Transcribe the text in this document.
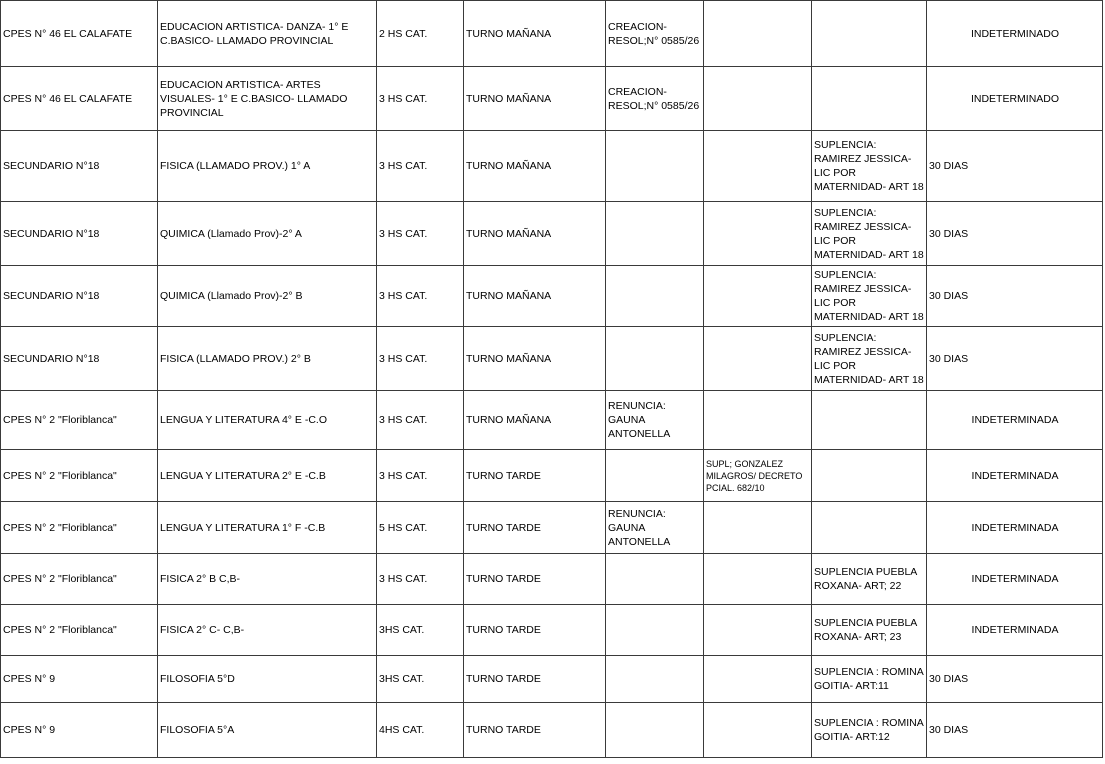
CPES N° 46 EL CALAFATE	EDUCACION ARTISTICA- DANZA- 1° E C.BASICO- LLAMADO PROVINCIAL	2 HS CAT.	TURNO MAÑANA	CREACION- RESOL;N° 0585/26			INDETERMINADO
CPES N° 46 EL CALAFATE	EDUCACION ARTISTICA- ARTES VISUALES- 1° E C.BASICO- LLAMADO PROVINCIAL	3 HS CAT.	TURNO MAÑANA	CREACION- RESOL;N° 0585/26			INDETERMINADO
SECUNDARIO N°18	FISICA (LLAMADO PROV.) 1° A	3 HS CAT.	TURNO MAÑANA			SUPLENCIA: RAMIREZ JESSICA- LIC POR MATERNIDAD- ART 18	30 DIAS
SECUNDARIO N°18	QUIMICA (Llamado Prov)-2° A	3 HS CAT.	TURNO MAÑANA			SUPLENCIA: RAMIREZ JESSICA- LIC POR MATERNIDAD- ART 18	30 DIAS
SECUNDARIO N°18	QUIMICA (Llamado Prov)-2° B	3 HS CAT.	TURNO MAÑANA			SUPLENCIA: RAMIREZ JESSICA- LIC POR MATERNIDAD- ART 18	30 DIAS
SECUNDARIO N°18	FISICA (LLAMADO PROV.) 2° B	3 HS CAT.	TURNO MAÑANA			SUPLENCIA: RAMIREZ JESSICA- LIC POR MATERNIDAD- ART 18	30 DIAS
CPES N° 2 "Floriblanca"	LENGUA Y LITERATURA 4° E -C.O	3 HS CAT.	TURNO MAÑANA	RENUNCIA: GAUNA ANTONELLA			INDETERMINADA
CPES N° 2 "Floriblanca"	LENGUA Y LITERATURA 2° E -C.B	3 HS CAT.	TURNO TARDE		SUPL; GONZALEZ MILAGROS/ DECRETO PCIAL. 682/10		INDETERMINADA
CPES N° 2 "Floriblanca"	LENGUA Y LITERATURA 1° F -C.B	5 HS CAT.	TURNO TARDE	RENUNCIA: GAUNA ANTONELLA			INDETERMINADA
CPES N° 2 "Floriblanca"	FISICA 2° B C,B-	3 HS CAT.	TURNO TARDE			SUPLENCIA PUEBLA ROXANA- ART; 22	INDETERMINADA
CPES N° 2 "Floriblanca"	FISICA 2° C- C,B-	3HS CAT.	TURNO TARDE			SUPLENCIA PUEBLA ROXANA- ART; 23	INDETERMINADA
CPES N° 9	FILOSOFIA 5°D	3HS CAT.	TURNO TARDE			SUPLENCIA : ROMINA GOITIA- ART:11	30 DIAS
CPES N° 9	FILOSOFIA 5°A	4HS CAT.	TURNO TARDE			SUPLENCIA : ROMINA GOITIA- ART:12	30 DIAS
